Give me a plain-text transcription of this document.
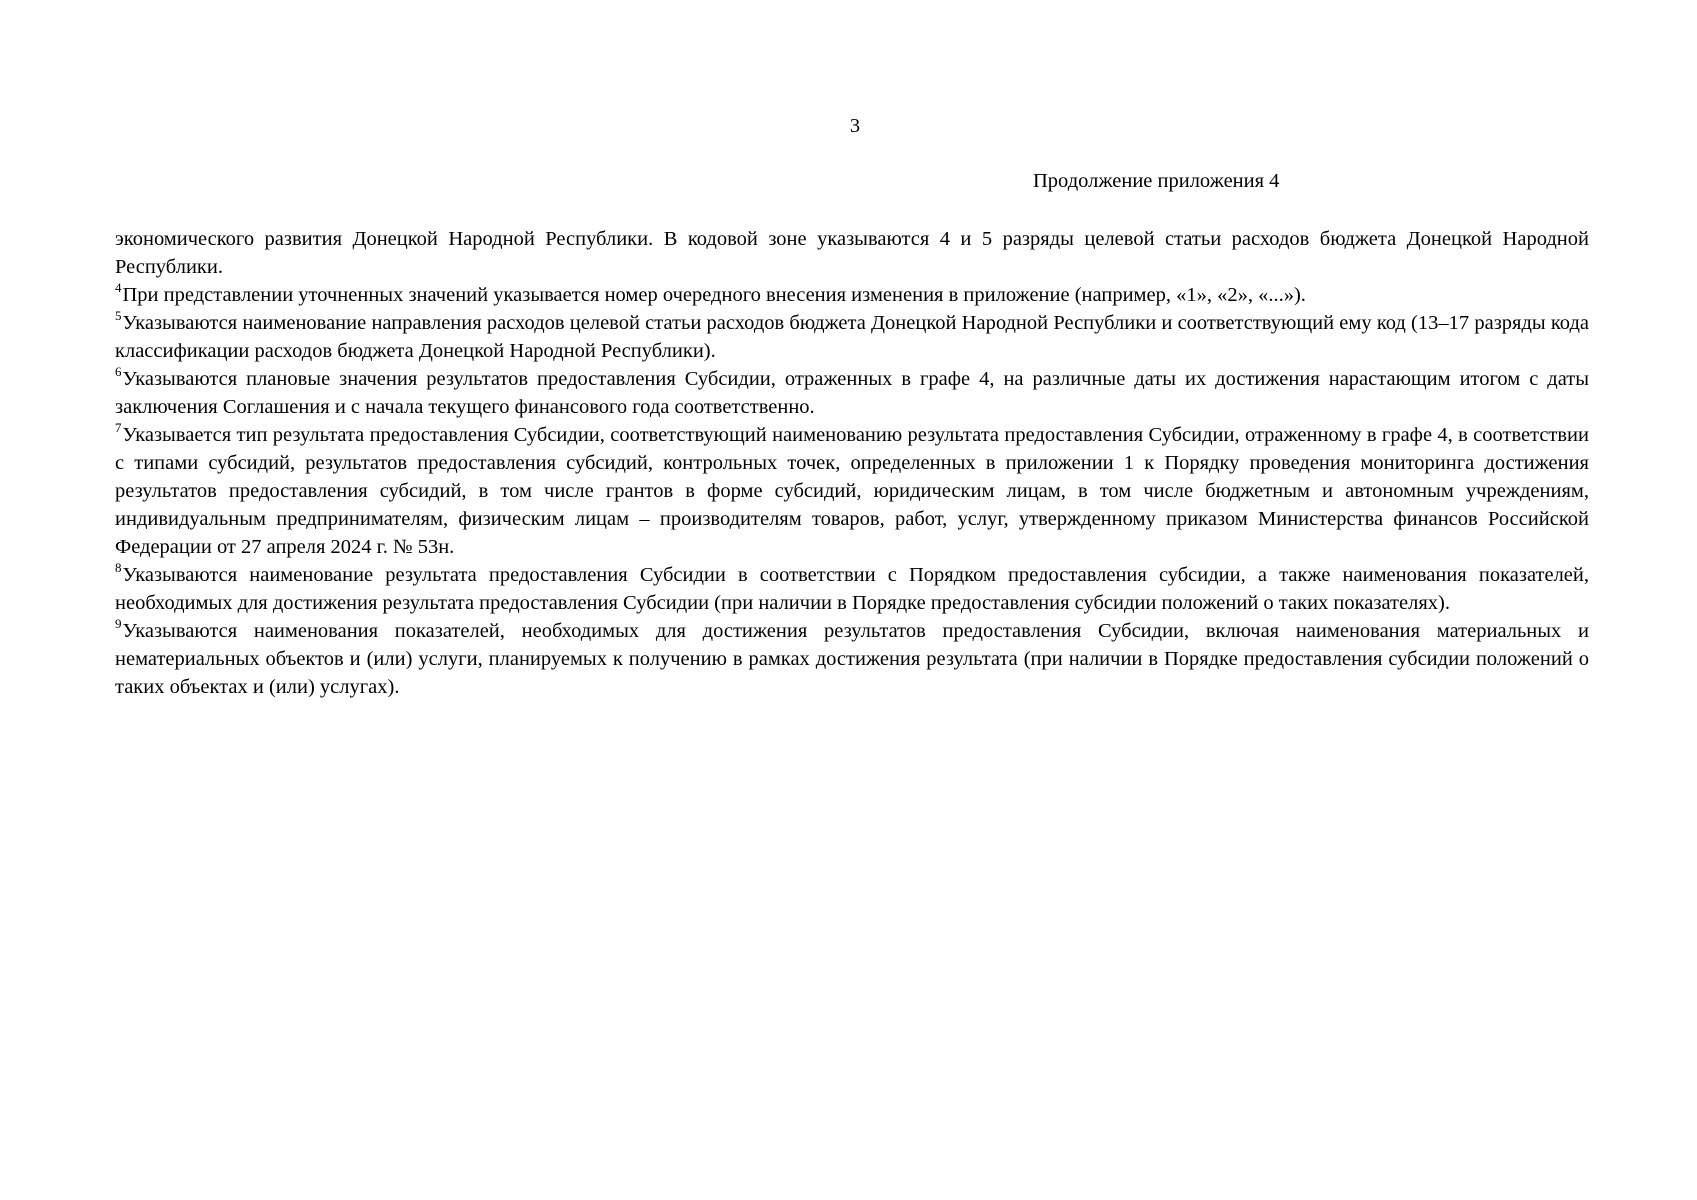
3
Продолжение приложения 4

экономического развития Донецкой Народной Республики. В кодовой зоне указываются 4 и 5 разряды целевой статьи расходов бюджета Донецкой Народной Республики.

$^4$При представлении уточненных значений указывается номер очередного внесения изменения в приложение (например, «1», «2», «...»).

$^5$Указываются наименование направления расходов целевой статьи расходов бюджета Донецкой Народной Республики и соответствующий ему код (13–17 разряды кода классификации расходов бюджета Донецкой Народной Республики).

$^6$Указываются плановые значения результатов предоставления Субсидии, отраженных в графе 4, на различные даты их достижения нарастающим итогом с даты заключения Соглашения и с начала текущего финансового года соответственно.

$^7$Указывается тип результата предоставления Субсидии, соответствующий наименованию результата предоставления Субсидии, отраженному в графе 4, в соответствии с типами субсидий, результатов предоставления субсидий, контрольных точек, определенных в приложении 1 к Порядку проведения мониторинга достижения результатов предоставления субсидий, в том числе грантов в форме субсидий, юридическим лицам, в том числе бюджетным и автономным учреждениям, индивидуальным предпринимателям, физическим лицам – производителям товаров, работ, услуг, утвержденному приказом Министерства финансов Российской Федерации от 27 апреля 2024 г. № 53н.

$^8$Указываются наименование результата предоставления Субсидии в соответствии с Порядком предоставления субсидии, а также наименования показателей, необходимых для достижения результата предоставления Субсидии (при наличии в Порядке предоставления субсидии положений о таких показателях).

$^9$Указываются наименования показателей, необходимых для достижения результатов предоставления Субсидии, включая наименования материальных и нематериальных объектов и (или) услуги, планируемых к получению в рамках достижения результата (при наличии в Порядке предоставления субсидии положений о таких объектах и (или) услугах).
